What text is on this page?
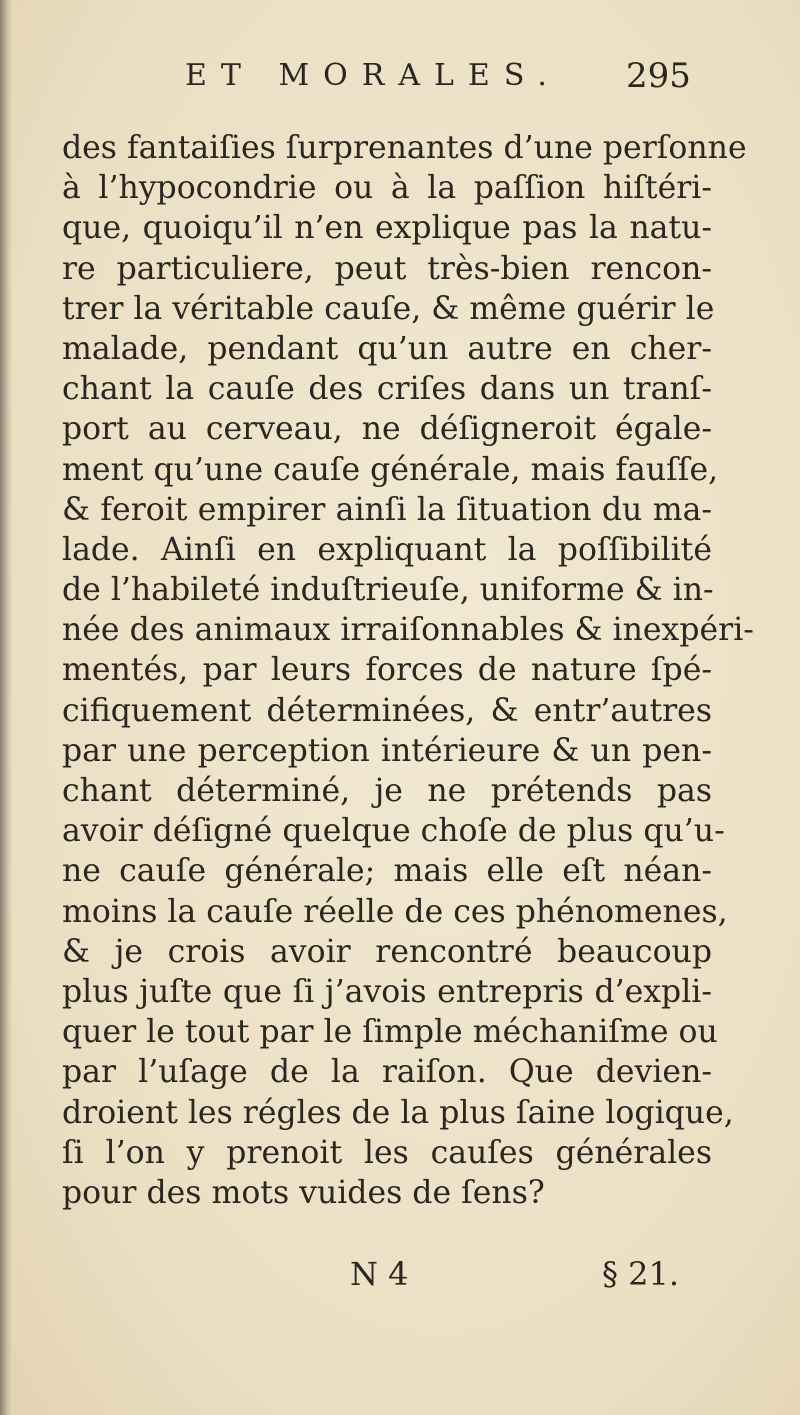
ET MORALES. 295
des fantaiſies ſurprenantes d’une perſonne
à l’hypocondrie ou à la paſſion hiſtéri-
que, quoiqu’il n’en explique pas la natu-
re particuliere, peut très-bien rencon-
trer la véritable cauſe, & même guérir le
malade, pendant qu’un autre en cher-
chant la cauſe des criſes dans un tranſ-
port au cerveau, ne déſigneroit égale-
ment qu’une cauſe générale, mais fauſſe,
& feroit empirer ainſi la ſituation du ma-
lade. Ainſi en expliquant la poſſibilité
de l’habileté induſtrieuſe, uniforme & in-
née des animaux irraiſonnables & inexpéri-
mentés, par leurs forces de nature ſpé-
cifiquement déterminées, & entr’autres
par une perception intérieure & un pen-
chant déterminé, je ne prétends pas
avoir déſigné quelque choſe de plus qu’u-
ne cauſe générale; mais elle eſt néan-
moins la cauſe réelle de ces phénomenes,
& je crois avoir rencontré beaucoup
plus juſte que ſi j’avois entrepris d’expli-
quer le tout par le ſimple méchaniſme ou
par l’uſage de la raiſon. Que devien-
droient les régles de la plus ſaine logique,
ſi l’on y prenoit les cauſes générales
pour des mots vuides de ſens?
N 4	§ 21.
